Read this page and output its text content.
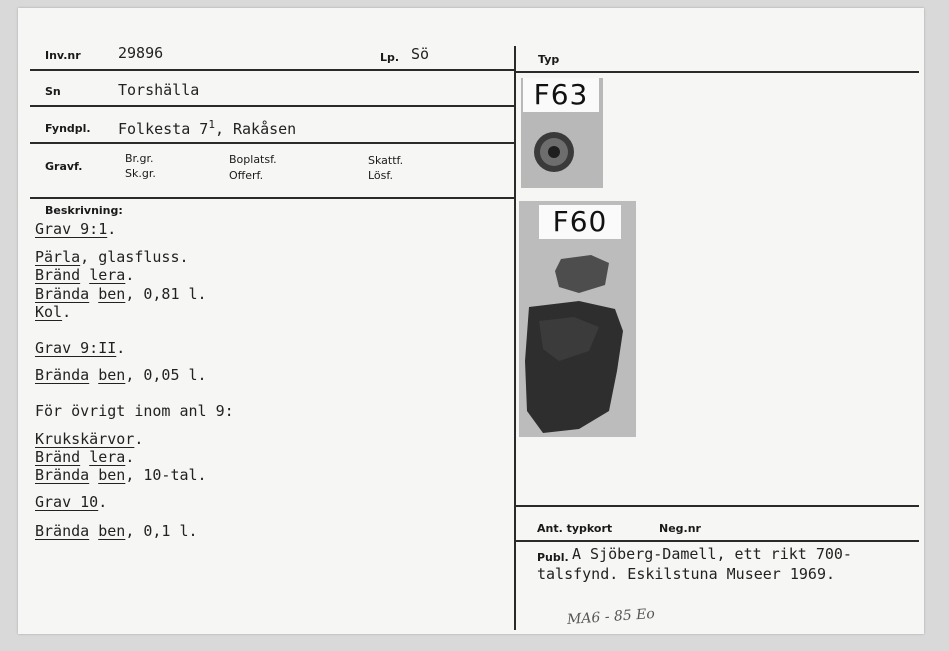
Inv.nr 29896	Lp. Sö	Typ
Sn	Torshälla
Fyndpl. Folkesta $7^1$, Rakåsen
Gravf.
Br.gr.
Sk.gr.
Boplatsf.
Offerf.
Skattf.
Lösf.
Beskrivning:
Grav 9:1.
Pärla, glasfluss.
Bränd lera.
Brända ben, 0,81 l.
Kol.
Grav 9:II.
Brända ben, 0,05 l.
För övrigt inom anl 9:
Krukskärvor.
Bränd lera.
Brända ben, 10-tal.
Grav 10.
Brända ben, 0,1 l.
F63
F60
Ant. typkort	Neg.nr
Publ. A Sjöberg-Damell, ett rikt 700-
talsfynd. Eskilstuna Museer 1969.
MA6 - 85 Eo
